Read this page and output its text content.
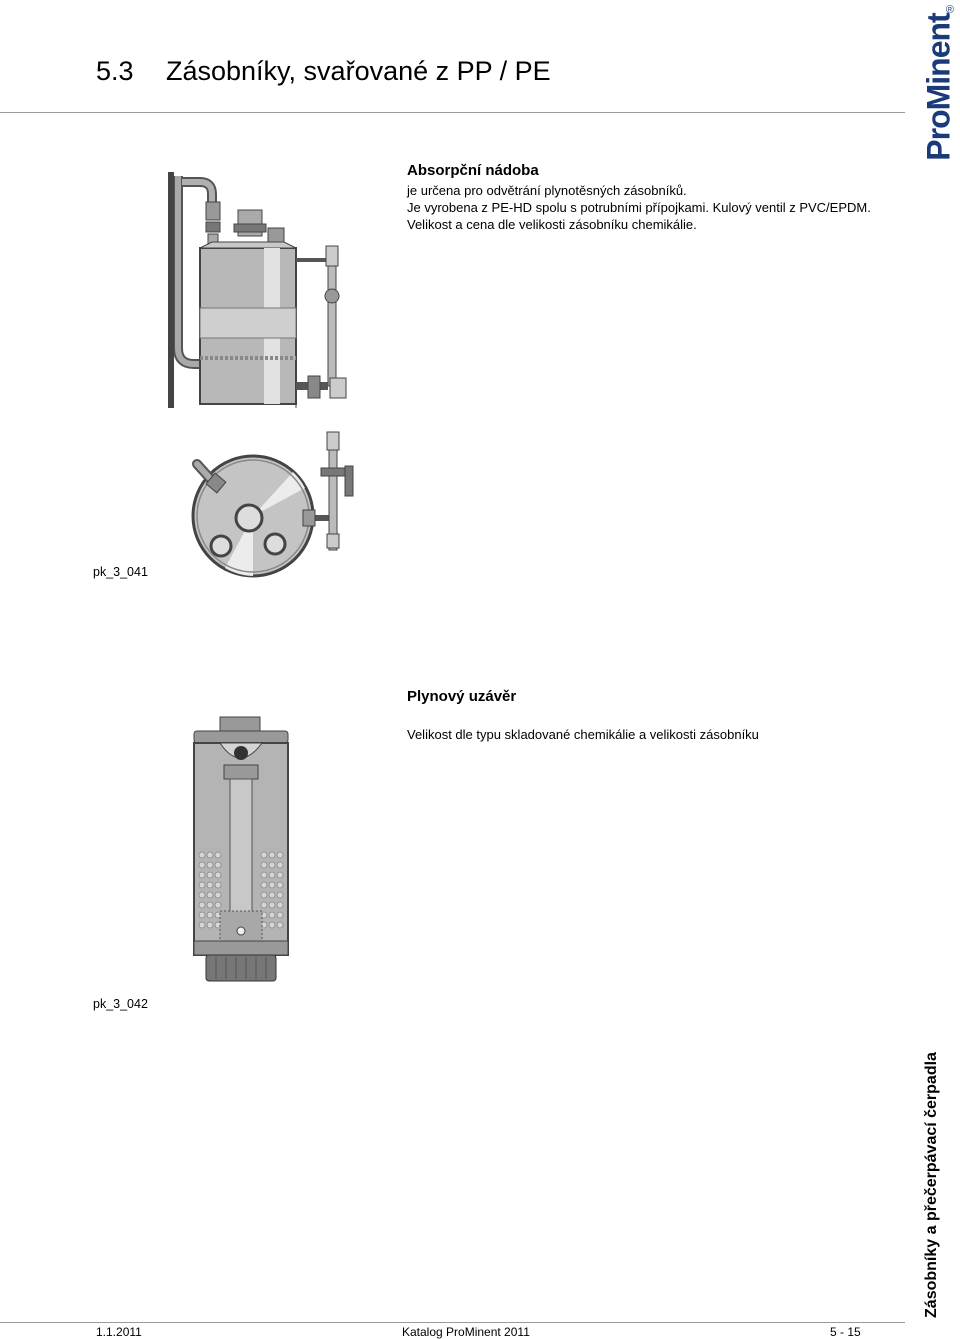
5.3 Zásobníky, svařované z PP / PE
®
ProMinent
Absorpční nádoba

je určena pro odvětrání plynotěsných zásobníků.

Je vyrobena z PE-HD spolu s potrubními přípojkami. Kulový ventil z PVC/EPDM.

Velikost a cena dle velikosti zásobníku chemikálie.

pk_3_041
Plynový uzávěr
Velikost dle typu skladované chemikálie a velikosti zásobníku
pk_3_042
Zásobníky a přečerpávací čerpadla
1.1.2011	Katalog ProMinent 2011	5 - 15
